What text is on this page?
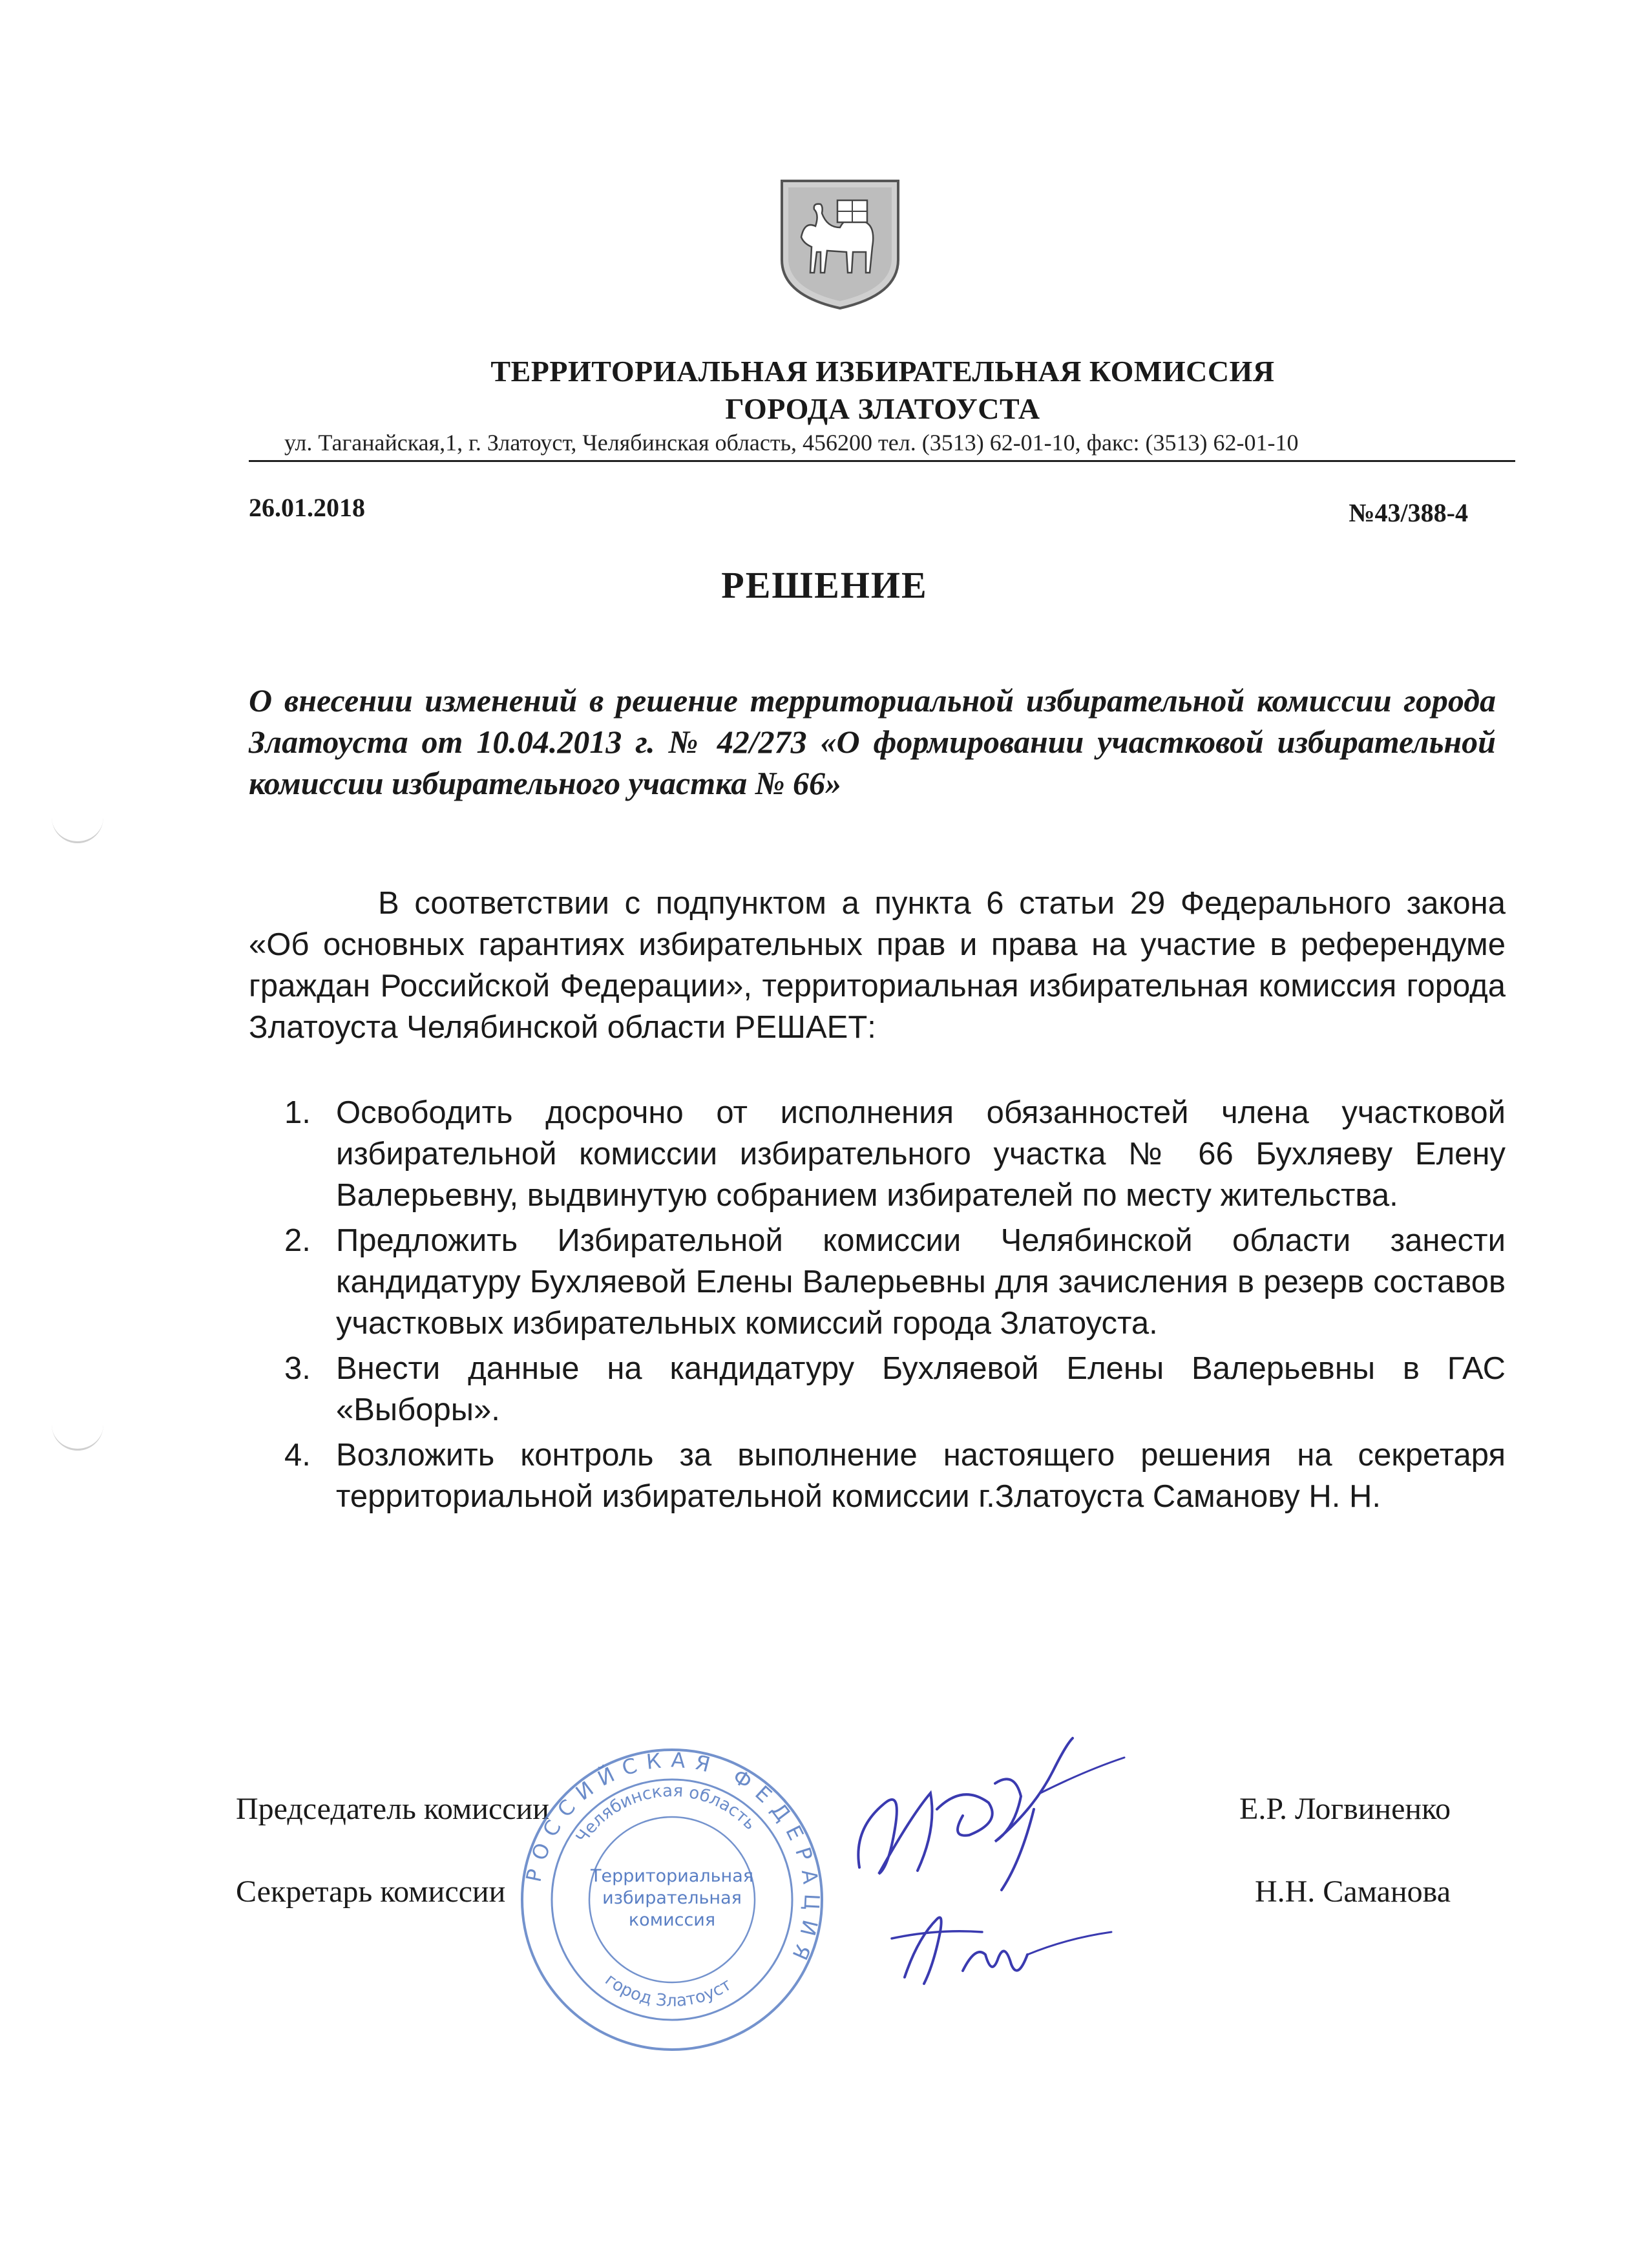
ТЕРРИТОРИАЛЬНАЯ ИЗБИРАТЕЛЬНАЯ КОМИССИЯ
ГОРОДА ЗЛАТОУСТА
ул. Таганайская,1, г. Златоуст, Челябинская область, 456200 тел. (3513) 62-01-10, факс: (3513) 62-01-10
26.01.2018	№43/388-4
РЕШЕНИЕ
О внесении изменений в решение территориальной избирательной комиссии города Златоуста от 10.04.2013 г. № 42/273 «О формировании участковой избирательной комиссии избирательного участка № 66»
В соответствии с подпунктом а пункта 6 статьи 29 Федерального закона «Об основных гарантиях избирательных прав и права на участие в референдуме граждан Российской Федерации», территориальная избирательная комиссия города Златоуста Челябинской области РЕШАЕТ:
1. Освободить досрочно от исполнения обязанностей члена участковой избирательной комиссии избирательного участка № 66 Бухляеву Елену Валерьевну, выдвинутую собранием избирателей по месту жительства.
2. Предложить Избирательной комиссии Челябинской области занести кандидатуру Бухляевой Елены Валерьевны для зачисления в резерв составов участковых избирательных комиссий города Златоуста.
3. Внести данные на кандидатуру Бухляевой Елены Валерьевны в ГАС «Выборы».
4. Возложить контроль за выполнение настоящего решения на секретаря территориальной избирательной комиссии г.Златоуста Саманову Н. Н.
Председатель комиссии	Е.Р. Логвиненко
Секретарь комиссии	Н.Н. Саманова
РОССИЙСКАЯ ФЕДЕРАЦИЯ
Челябинская область
город Златоуст
Территориальная
избирательная
комиссия
